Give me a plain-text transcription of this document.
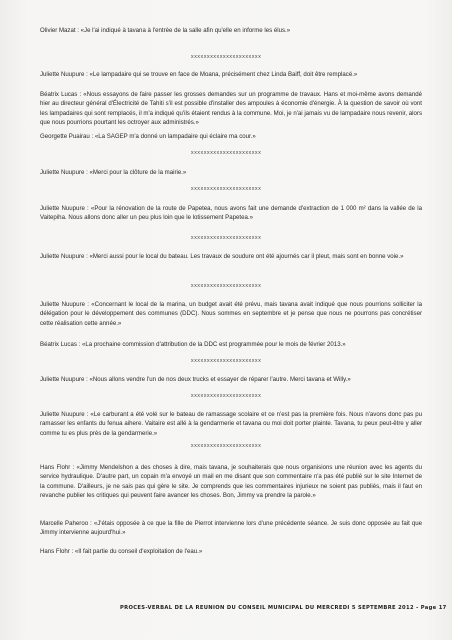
Olivier Mazat : «Je l'ai indiqué à tavana à l'entrée de la salle afin qu'elle en informe les élus.»
xxxxxxxxxxxxxxxxxxxxxx
Juliette Nuupure : «Le lampadaire qui se trouve en face de Moana, précisément chez Linda Baiff, doit être remplacé.»
Béatrix Lucas : «Nous essayons de faire passer les grosses demandes sur un programme de travaux. Hans et moi-même avons demandé hier au directeur général d'Électricité de Tahiti s'il est possible d'installer des ampoules à économie d'énergie. À la question de savoir où vont les lampadaires qui sont remplacés, il m'a indiqué qu'ils étaient rendus à la commune. Moi, je n'ai jamais vu de lampadaire nous revenir, alors que nous pourrions pourtant les octroyer aux administrés.»
Georgette Puairau : «La SAGEP m'a donné un lampadaire qui éclaire ma cour.»
xxxxxxxxxxxxxxxxxxxxxx
Juliette Nuupure : «Merci pour la clôture de la mairie.»
xxxxxxxxxxxxxxxxxxxxxx
Juliette Nuupure : «Pour la rénovation de la route de Papetea, nous avons fait une demande d'extraction de 1 000 m² dans la vallée de la Vaitepiha. Nous allons donc aller un peu plus loin que le lotissement Papetea.»
xxxxxxxxxxxxxxxxxxxxxx
Juliette Nuupure : «Merci aussi pour le local du bateau. Les travaux de soudure ont été ajournés car il pleut, mais sont en bonne voie.»
xxxxxxxxxxxxxxxxxxxxxx
Juliette Nuupure : «Concernant le local de la marina, un budget avait été prévu, mais tavana avait indiqué que nous pourrions solliciter la délégation pour le développement des communes (DDC). Nous sommes en septembre et je pense que nous ne pourrons pas concrétiser cette réalisation cette année.»
Béatrix Lucas : «La prochaine commission d'attribution de la DDC est programmée pour le mois de février 2013.»
xxxxxxxxxxxxxxxxxxxxxx
Juliette Nuupure : «Nous allons vendre l'un de nos deux trucks et essayer de réparer l'autre. Merci tavana et Willy.»
xxxxxxxxxxxxxxxxxxxxxx
Juliette Nuupure : «Le carburant a été volé sur le bateau de ramassage scolaire et ce n'est pas la première fois. Nous n'avons donc pas pu ramasser les enfants du fenua aihere. Vaitaire est allé à la gendarmerie et tavana ou moi doit porter plainte. Tavana, tu peux peut-être y aller comme tu es plus près de la gendarmerie.»
xxxxxxxxxxxxxxxxxxxxxx
Hans Flohr : «Jimmy Mendelshon a des choses à dire, mais tavana, je souhaiterais que nous organisions une réunion avec les agents du service hydraulique. D'autre part, un copain m'a envoyé un mail en me disant que son commentaire n'a pas été publié sur le site Internet de la commune. D'ailleurs, je ne sais pas qui gère le site. Je comprends que les commentaires injurieux ne soient pas publiés, mais il faut en revanche publier les critiques qui peuvent faire avancer les choses. Bon, Jimmy va prendre la parole.»
Marcelle Paheroo : «J'étais opposée à ce que la fille de Pierrot intervienne lors d'une précédente séance. Je suis donc opposée au fait que Jimmy intervienne aujourd'hui.»
Hans Flohr : «Il fait partie du conseil d'exploitation de l'eau.»
PROCES-VERBAL DE LA REUNION DU CONSEIL MUNICIPAL DU MERCREDI 5 SEPTEMBRE 2012 - Page 17
